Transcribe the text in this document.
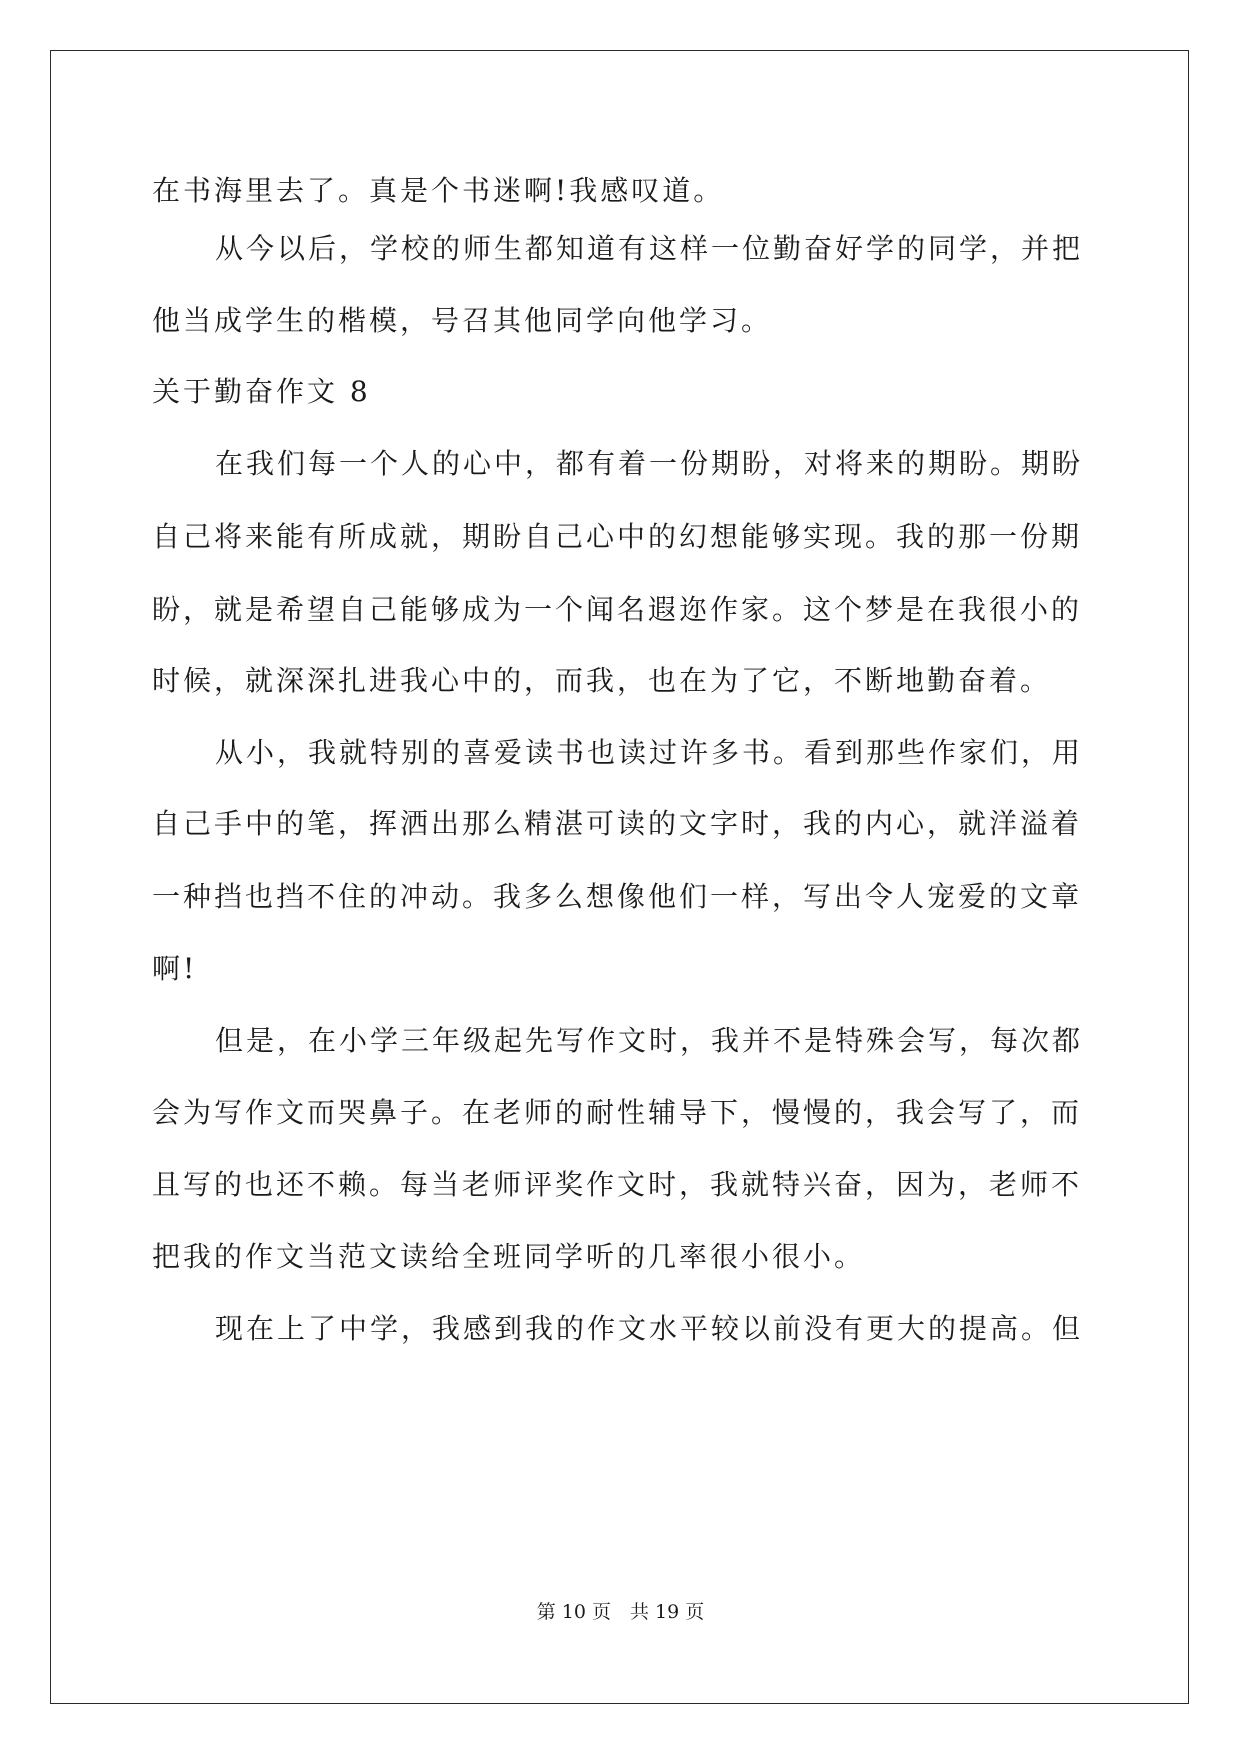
在书海里去了。真是个书迷啊!我感叹道。
从今以后，学校的师生都知道有这样一位勤奋好学的同学，并把
他当成学生的楷模，号召其他同学向他学习。
关于勤奋作文 8
在我们每一个人的心中，都有着一份期盼，对将来的期盼。期盼
自己将来能有所成就，期盼自己心中的幻想能够实现。我的那一份期
盼，就是希望自己能够成为一个闻名遐迩作家。这个梦是在我很小的
时候，就深深扎进我心中的，而我，也在为了它，不断地勤奋着。
从小，我就特别的喜爱读书也读过许多书。看到那些作家们，用
自己手中的笔，挥洒出那么精湛可读的文字时，我的内心，就洋溢着
一种挡也挡不住的冲动。我多么想像他们一样，写出令人宠爱的文章
啊!
但是，在小学三年级起先写作文时，我并不是特殊会写，每次都
会为写作文而哭鼻子。在老师的耐性辅导下，慢慢的，我会写了，而
且写的也还不赖。每当老师评奖作文时，我就特兴奋，因为，老师不
把我的作文当范文读给全班同学听的几率很小很小。
现在上了中学，我感到我的作文水平较以前没有更大的提高。但
第 10 页　共 19 页
